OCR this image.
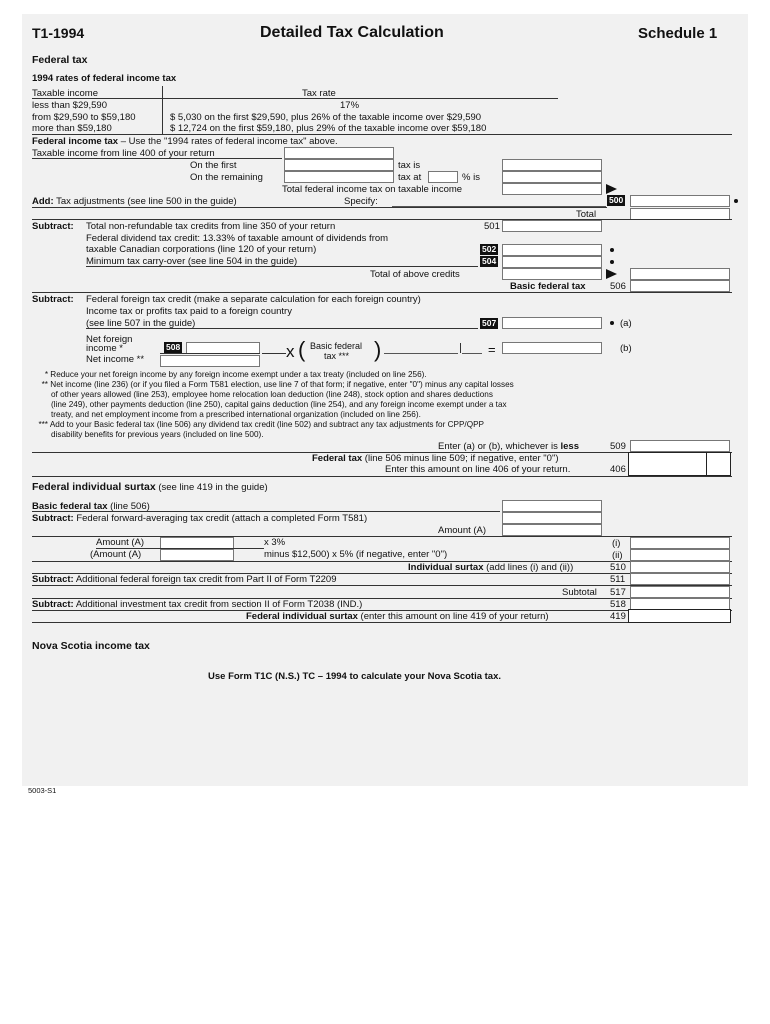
T1-1994	Detailed Tax Calculation	Schedule 1
Federal tax
1994 rates of federal income tax
Taxable income	Tax rate
less than $29,590	17%
from $29,590 to $59,180	$ 5,030 on the first $29,590, plus 26% of the taxable income over $29,590
more than $59,180	$ 12,724 on the first $59,180, plus 29% of the taxable income over $59,180
Federal income tax – Use the "1994 rates of federal income tax" above.
Taxable income from line 400 of your return
On the first	tax is
On the remaining	tax at	% is
Total federal income tax on taxable income
Add: Tax adjustments (see line 500 in the guide)	Specify:	500
Total
Subtract: Total non-refundable tax credits from line 350 of your return	501
Federal dividend tax credit: 13.33% of taxable amount of dividends from
taxable Canadian corporations (line 120 of your return)	502
Minimum tax carry-over (see line 504 in the guide)	504
Total of above credits
Basic federal tax	506
Subtract: Federal foreign tax credit (make a separate calculation for each foreign country)
Income tax or profits tax paid to a foreign country
(see line 507 in the guide)	507	(a)
Net foreign
income *	508
Net income **	x ( Basic federal
tax *** )	=	(b)
* Reduce your net foreign income by any foreign income exempt under a tax treaty (included on line 256).
** Net income (line 236) (or if you filed a Form T581 election, use line 7 of that form; if negative, enter "0") minus any capital losses
of other years allowed (line 253), employee home relocation loan deduction (line 248), stock option and shares deductions
(line 249), other payments deduction (line 250), capital gains deduction (line 254), and any foreign income exempt under a tax
treaty, and net employment income from a prescribed international organization (included on line 256).
*** Add to your Basic federal tax (line 506) any dividend tax credit (line 502) and subtract any tax adjustments for CPP/QPP
disability benefits for previous years (included on line 500).
Enter (a) or (b), whichever is less	509
Federal tax (line 506 minus line 509; if negative, enter "0")
Enter this amount on line 406 of your return.	406
Federal individual surtax (see line 419 in the guide)
Basic federal tax (line 506)
Subtract: Federal forward-averaging tax credit (attach a completed Form T581)
Amount (A)
Amount (A)	x 3%	(i)
(Amount (A)	minus $12,500) x 5% (if negative, enter "0")	(ii)
Individual surtax (add lines (i) and (ii))	510
Subtract: Additional federal foreign tax credit from Part II of Form T2209	511
Subtotal 517
Subtract: Additional investment tax credit from section II of Form T2038 (IND.)	518
Federal individual surtax (enter this amount on line 419 of your return)	419
Nova Scotia income tax
Use Form T1C (N.S.) TC – 1994 to calculate your Nova Scotia tax.
5003-S1
